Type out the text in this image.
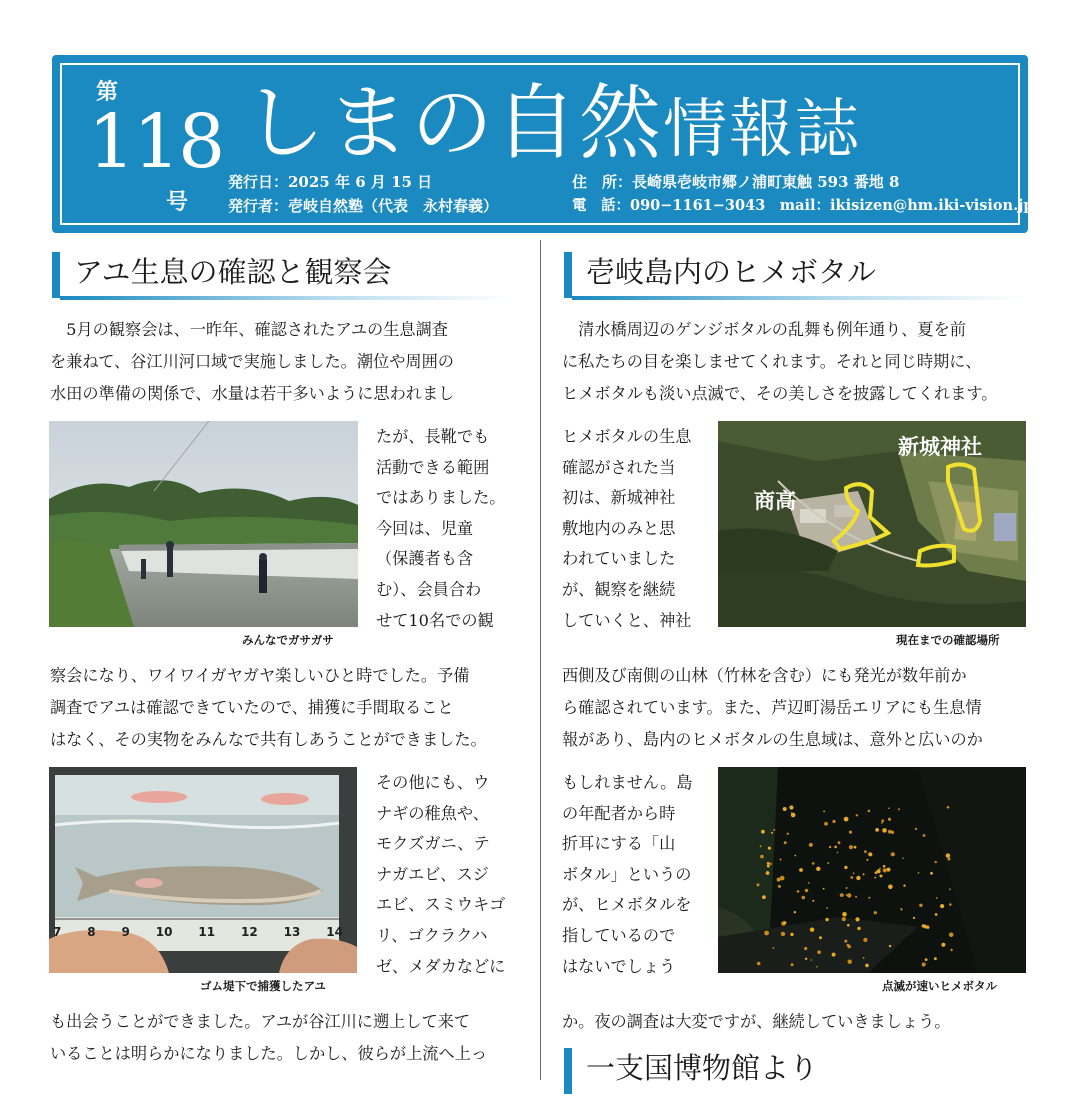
第
118
号
しまの自然情報誌
発行日：2025 年 6 月 15 日
発行者：壱岐自然塾（代表　永村春義）
住　所：長崎県壱岐市郷ノ浦町東触 593 番地 8
電　話：090−1161−3043　mail：ikisizen@hm.iki-vision.jp
アユ生息の確認と観察会
　5月の観察会は、一昨年、確認されたアユの生息調査
を兼ねて、谷江川河口域で実施しました。潮位や周囲の
水田の準備の関係で、水量は若干多いように思われまし
みんなでガサガサ
たが、長靴でも
活動できる範囲
ではありました。
今回は、児童
（保護者も含
む）、会員合わ
せて10名での観
察会になり、ワイワイガヤガヤ楽しいひと時でした。予備
調査でアユは確認できていたので、捕獲に手間取ること
はなく、その実物をみんなで共有しあうことができました。
7 8 9 10 11 12 13 14
ゴム堤下で捕獲したアユ
その他にも、ウ
ナギの稚魚や、
モクズガニ、テ
ナガエビ、スジ
エビ、スミウキゴ
リ、ゴクラクハ
ゼ、メダカなどに
も出会うことができました。アユが谷江川に遡上して来て
いることは明らかになりました。しかし、彼らが上流へ上っ
壱岐島内のヒメボタル
　清水橋周辺のゲンジボタルの乱舞も例年通り、夏を前
に私たちの目を楽しませてくれます。それと同じ時期に、
ヒメボタルも淡い点滅で、その美しさを披露してくれます。
ヒメボタルの生息
確認がされた当
初は、新城神社
敷地内のみと思
われていました
が、観察を継続
していくと、神社
新城神社
商高
現在までの確認場所
西側及び南側の山林（竹林を含む）にも発光が数年前か
ら確認されています。また、芦辺町湯岳エリアにも生息情
報があり、島内のヒメボタルの生息域は、意外と広いのか
もしれません。島
の年配者から時
折耳にする「山
ボタル」というの
が、ヒメボタルを
指しているので
はないでしょう
点滅が速いヒメボタル
か。夜の調査は大変ですが、継続していきましょう。
一支国博物館より
